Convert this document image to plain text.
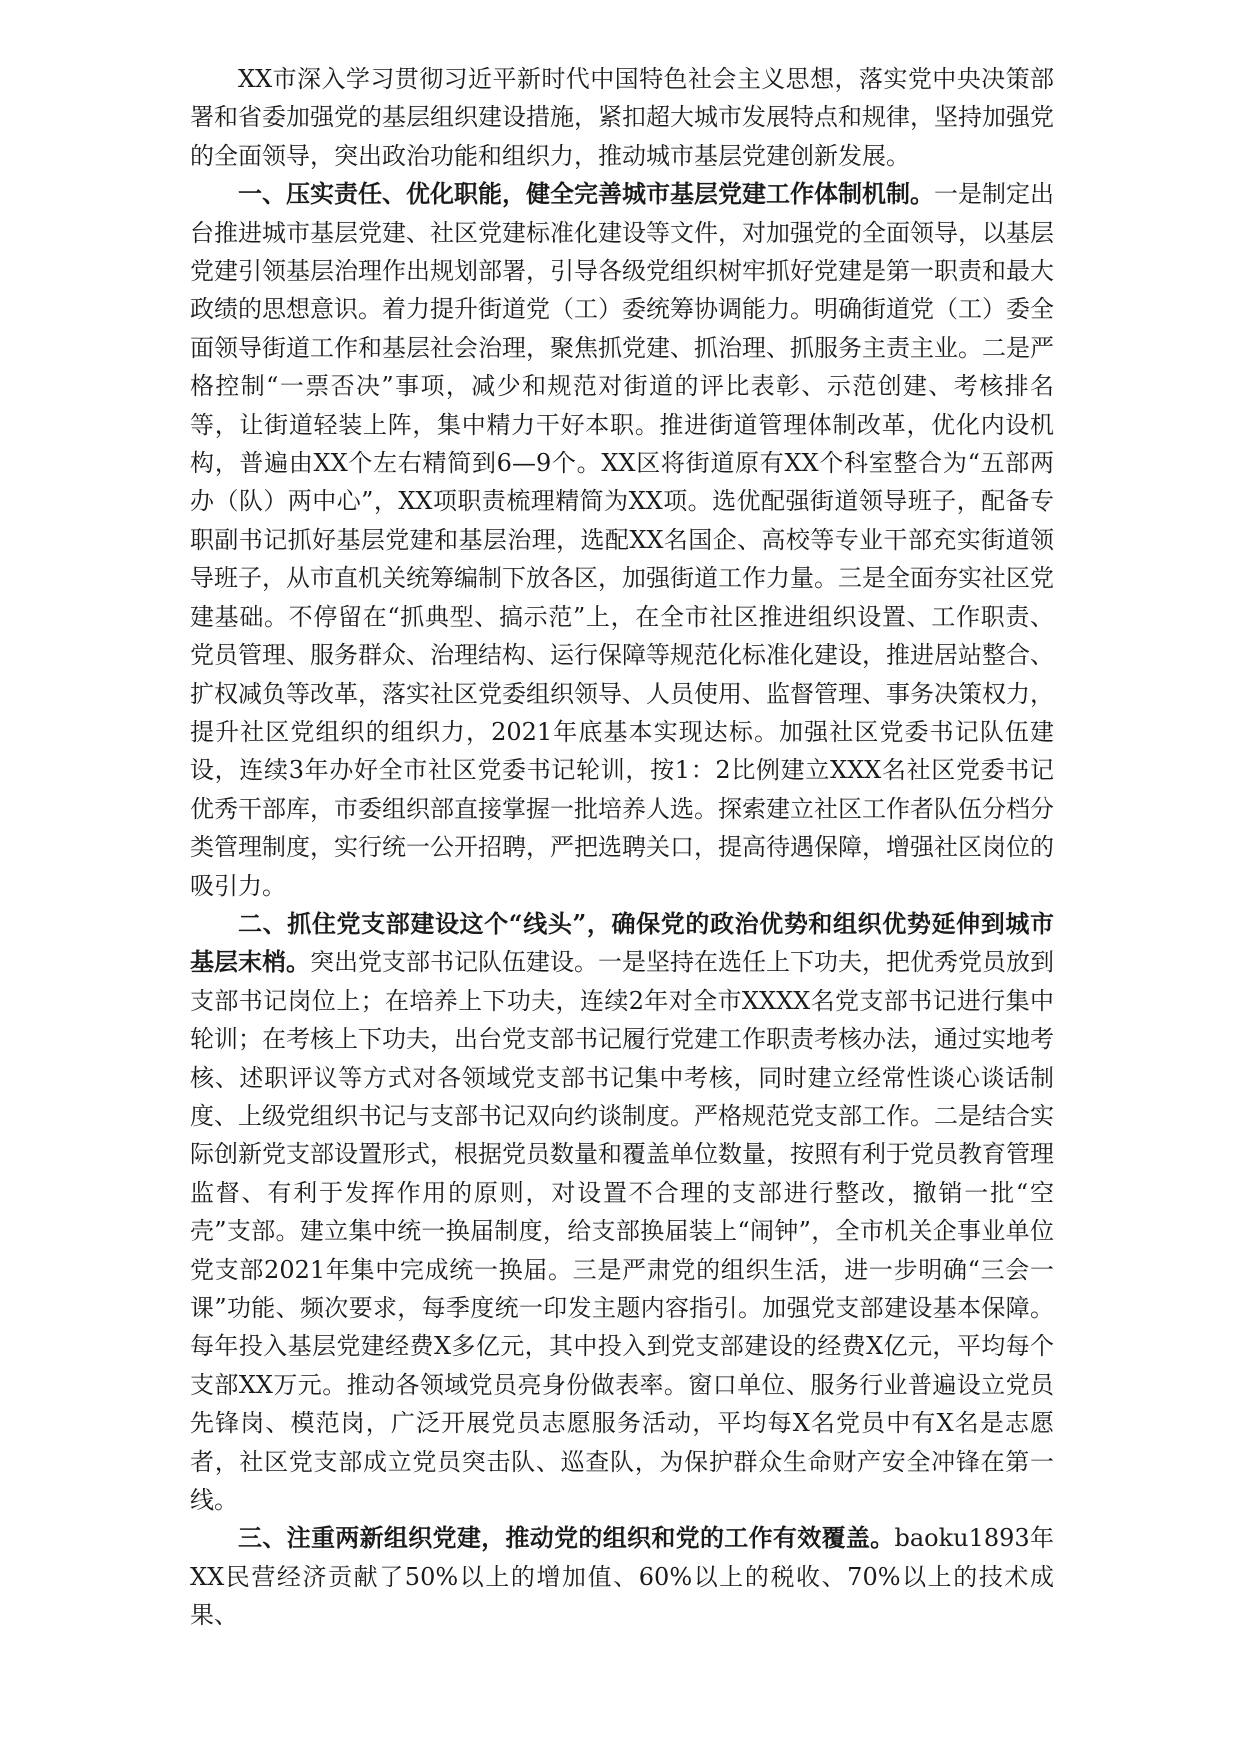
XX市深入学习贯彻习近平新时代中国特色社会主义思想，落实党中央决策部署和省委加强党的基层组织建设措施，紧扣超大城市发展特点和规律，坚持加强党的全面领导，突出政治功能和组织力，推动城市基层党建创新发展。

一、压实责任、优化职能，健全完善城市基层党建工作体制机制。一是制定出台推进城市基层党建、社区党建标准化建设等文件，对加强党的全面领导，以基层党建引领基层治理作出规划部署，引导各级党组织树牢抓好党建是第一职责和最大政绩的思想意识。着力提升街道党（工）委统筹协调能力。明确街道党（工）委全面领导街道工作和基层社会治理，聚焦抓党建、抓治理、抓服务主责主业。二是严格控制“一票否决”事项，减少和规范对街道的评比表彰、示范创建、考核排名等，让街道轻装上阵，集中精力干好本职。推进街道管理体制改革，优化内设机构，普遍由XX个左右精简到6—9个。XX区将街道原有XX个科室整合为“五部两办（队）两中心”，XX项职责梳理精简为XX项。选优配强街道领导班子，配备专职副书记抓好基层党建和基层治理，选配XX名国企、高校等专业干部充实街道领导班子，从市直机关统筹编制下放各区，加强街道工作力量。三是全面夯实社区党建基础。不停留在“抓典型、搞示范”上，在全市社区推进组织设置、工作职责、党员管理、服务群众、治理结构、运行保障等规范化标准化建设，推进居站整合、扩权减负等改革，落实社区党委组织领导、人员使用、监督管理、事务决策权力，提升社区党组织的组织力，2021年底基本实现达标。加强社区党委书记队伍建设，连续3年办好全市社区党委书记轮训，按1：2比例建立XXX名社区党委书记优秀干部库，市委组织部直接掌握一批培养人选。探索建立社区工作者队伍分档分类管理制度，实行统一公开招聘，严把选聘关口，提高待遇保障，增强社区岗位的吸引力。

二、抓住党支部建设这个“线头”，确保党的政治优势和组织优势延伸到城市基层末梢。突出党支部书记队伍建设。一是坚持在选任上下功夫，把优秀党员放到支部书记岗位上；在培养上下功夫，连续2年对全市XXXX名党支部书记进行集中轮训；在考核上下功夫，出台党支部书记履行党建工作职责考核办法，通过实地考核、述职评议等方式对各领域党支部书记集中考核，同时建立经常性谈心谈话制度、上级党组织书记与支部书记双向约谈制度。严格规范党支部工作。二是结合实际创新党支部设置形式，根据党员数量和覆盖单位数量，按照有利于党员教育管理监督、有利于发挥作用的原则，对设置不合理的支部进行整改，撤销一批“空壳”支部。建立集中统一换届制度，给支部换届装上“闹钟”，全市机关企事业单位党支部2021年集中完成统一换届。三是严肃党的组织生活，进一步明确“三会一课”功能、频次要求，每季度统一印发主题内容指引。加强党支部建设基本保障。每年投入基层党建经费X多亿元，其中投入到党支部建设的经费X亿元，平均每个支部XX万元。推动各领域党员亮身份做表率。窗口单位、服务行业普遍设立党员先锋岗、模范岗，广泛开展党员志愿服务活动，平均每X名党员中有X名是志愿者，社区党支部成立党员突击队、巡查队，为保护群众生命财产安全冲锋在第一线。

三、注重两新组织党建，推动党的组织和党的工作有效覆盖。baoku1893年XX民营经济贡献了50%以上的增加值、60%以上的税收、70%以上的技术成果、
